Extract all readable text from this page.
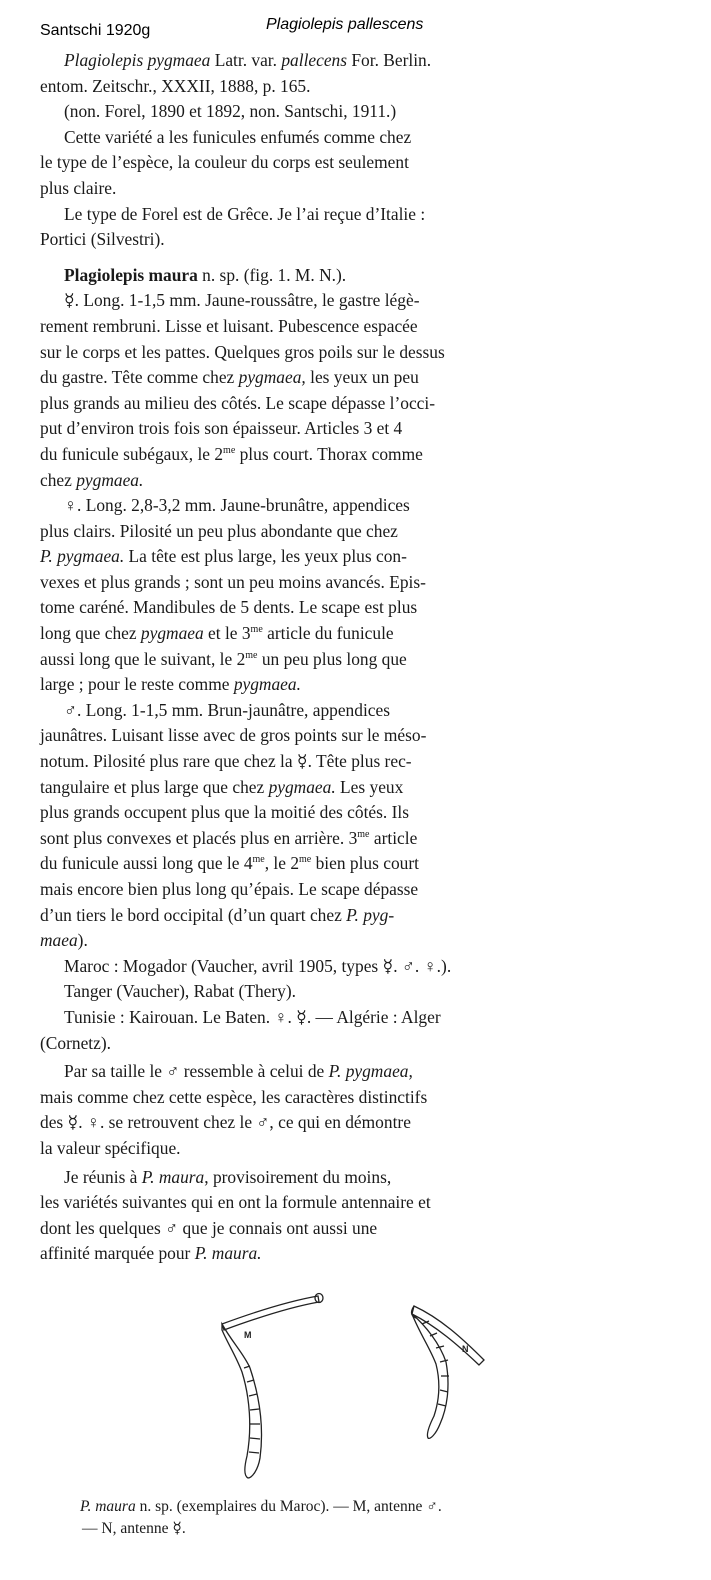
Santschi 1920g	Plagiolepis pallescens

Plagiolepis pygmaea Latr. var. pallecens For. Berlin.
entom. Zeitschr., XXXII, 1888, p. 165.

(non. Forel, 1890 et 1892, non. Santschi, 1911.)

Cette variété a les funicules enfumés comme chez
le type de l’espèce, la couleur du corps est seulement
plus claire.

Le type de Forel est de Grêce. Je l’ai reçue d’Italie :
Portici (Silvestri).

Plagiolepis maura n. sp. (fig. 1. M. N.).

☿. Long. 1-1,5 mm. Jaune-roussâtre, le gastre légè-
rement rembruni. Lisse et luisant. Pubescence espacée
sur le corps et les pattes. Quelques gros poils sur le dessus
du gastre. Tête comme chez pygmaea, les yeux un peu
plus grands au milieu des côtés. Le scape dépasse l’occi-
put d’environ trois fois son épaisseur. Articles 3 et 4
du funicule subégaux, le $2^{me}$ plus court. Thorax comme
chez pygmaea.

♀. Long. 2,8-3,2 mm. Jaune-brunâtre, appendices
plus clairs. Pilosité un peu plus abondante que chez
P. pygmaea. La tête est plus large, les yeux plus con-
vexes et plus grands ; sont un peu moins avancés. Epis-
tome caréné. Mandibules de 5 dents. Le scape est plus
long que chez pygmaea et le $3^{me}$ article du funicule
aussi long que le suivant, le $2^{me}$ un peu plus long que
large ; pour le reste comme pygmaea.

♂. Long. 1-1,5 mm. Brun-jaunâtre, appendices
jaunâtres. Luisant lisse avec de gros points sur le méso-
notum. Pilosité plus rare que chez la ☿. Tête plus rec-
tangulaire et plus large que chez pygmaea. Les yeux
plus grands occupent plus que la moitié des côtés. Ils
sont plus convexes et placés plus en arrière. $3^{me}$ article
du funicule aussi long que le $4^{me}$, le $2^{me}$ bien plus court
mais encore bien plus long qu’épais. Le scape dépasse
d’un tiers le bord occipital (d’un quart chez P. pyg-
maea).

Maroc : Mogador (Vaucher, avril 1905, types ☿. ♂. ♀.).

Tanger (Vaucher), Rabat (Thery).

Tunisie : Kairouan. Le Baten. ♀. ☿. — Algérie : Alger
(Cornetz).

Par sa taille le ♂ ressemble à celui de P. pygmaea,
mais comme chez cette espèce, les caractères distinctifs
des ☿. ♀. se retrouvent chez le ♂, ce qui en démontre
la valeur spécifique.

Je réunis à P. maura, provisoirement du moins,
les variétés suivantes qui en ont la formule antennaire et
dont les quelques ♂ que je connais ont aussi une
affinité marquée pour P. maura.

M
N
P. maura n. sp. (exemplaires du Maroc). — M, antenne ♂.
— N, antenne ☿.
